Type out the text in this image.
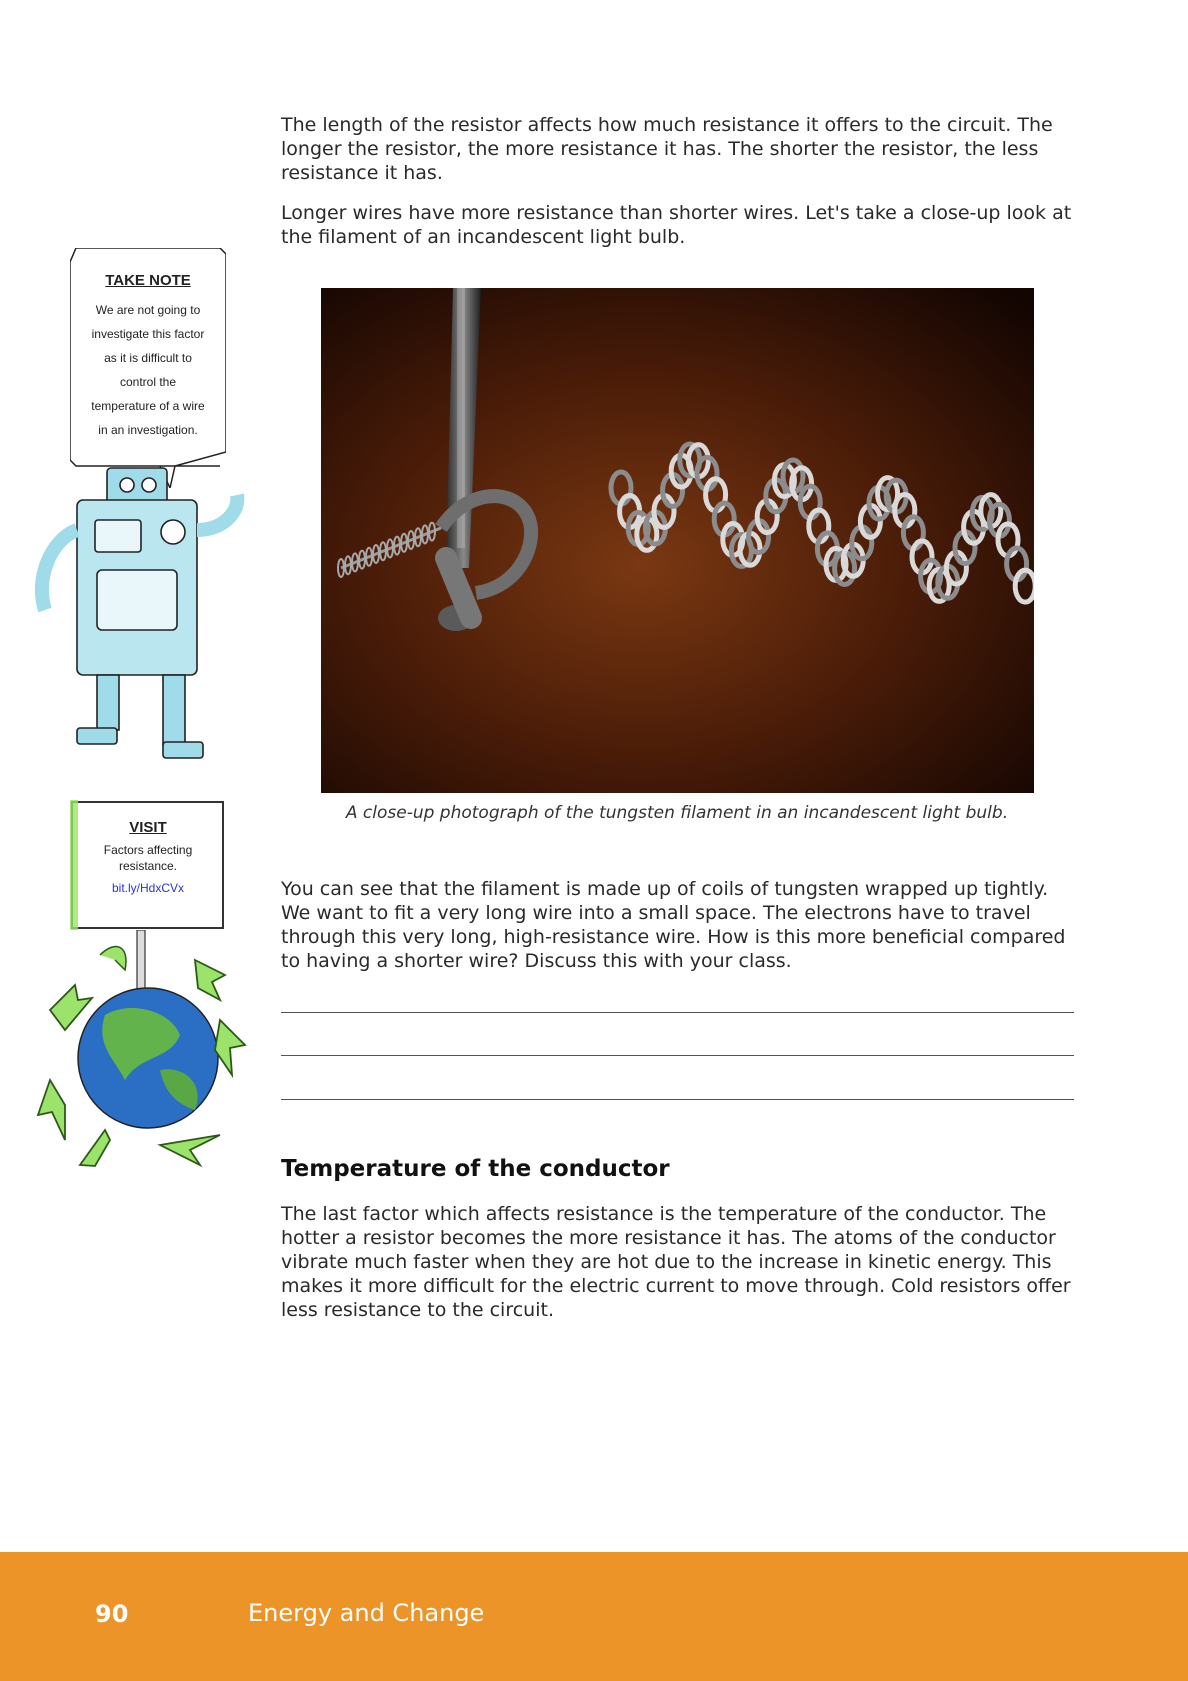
The length of the resistor affects how much resistance it offers to the circuit. The longer the resistor, the more resistance it has. The shorter the resistor, the less resistance it has.

Longer wires have more resistance than shorter wires. Let's take a close-up look at the filament of an incandescent light bulb.

A close-up photograph of the tungsten filament in an incandescent light bulb.

You can see that the filament is made up of coils of tungsten wrapped up tightly. We want to fit a very long wire into a small space. The electrons have to travel through this very long, high-resistance wire. How is this more beneficial compared to having a shorter wire? Discuss this with your class.

Temperature of the conductor

The last factor which affects resistance is the temperature of the conductor. The hotter a resistor becomes the more resistance it has. The atoms of the conductor vibrate much faster when they are hot due to the increase in kinetic energy. This makes it more difficult for the electric current to move through. Cold resistors offer less resistance to the circuit.

TAKE NOTE
We are not going to investigate this factor as it is difficult to control the temperature of a wire in an investigation.
VISIT
Factors affecting resistance.
bit.ly/HdxCVx
90	Energy and Change
